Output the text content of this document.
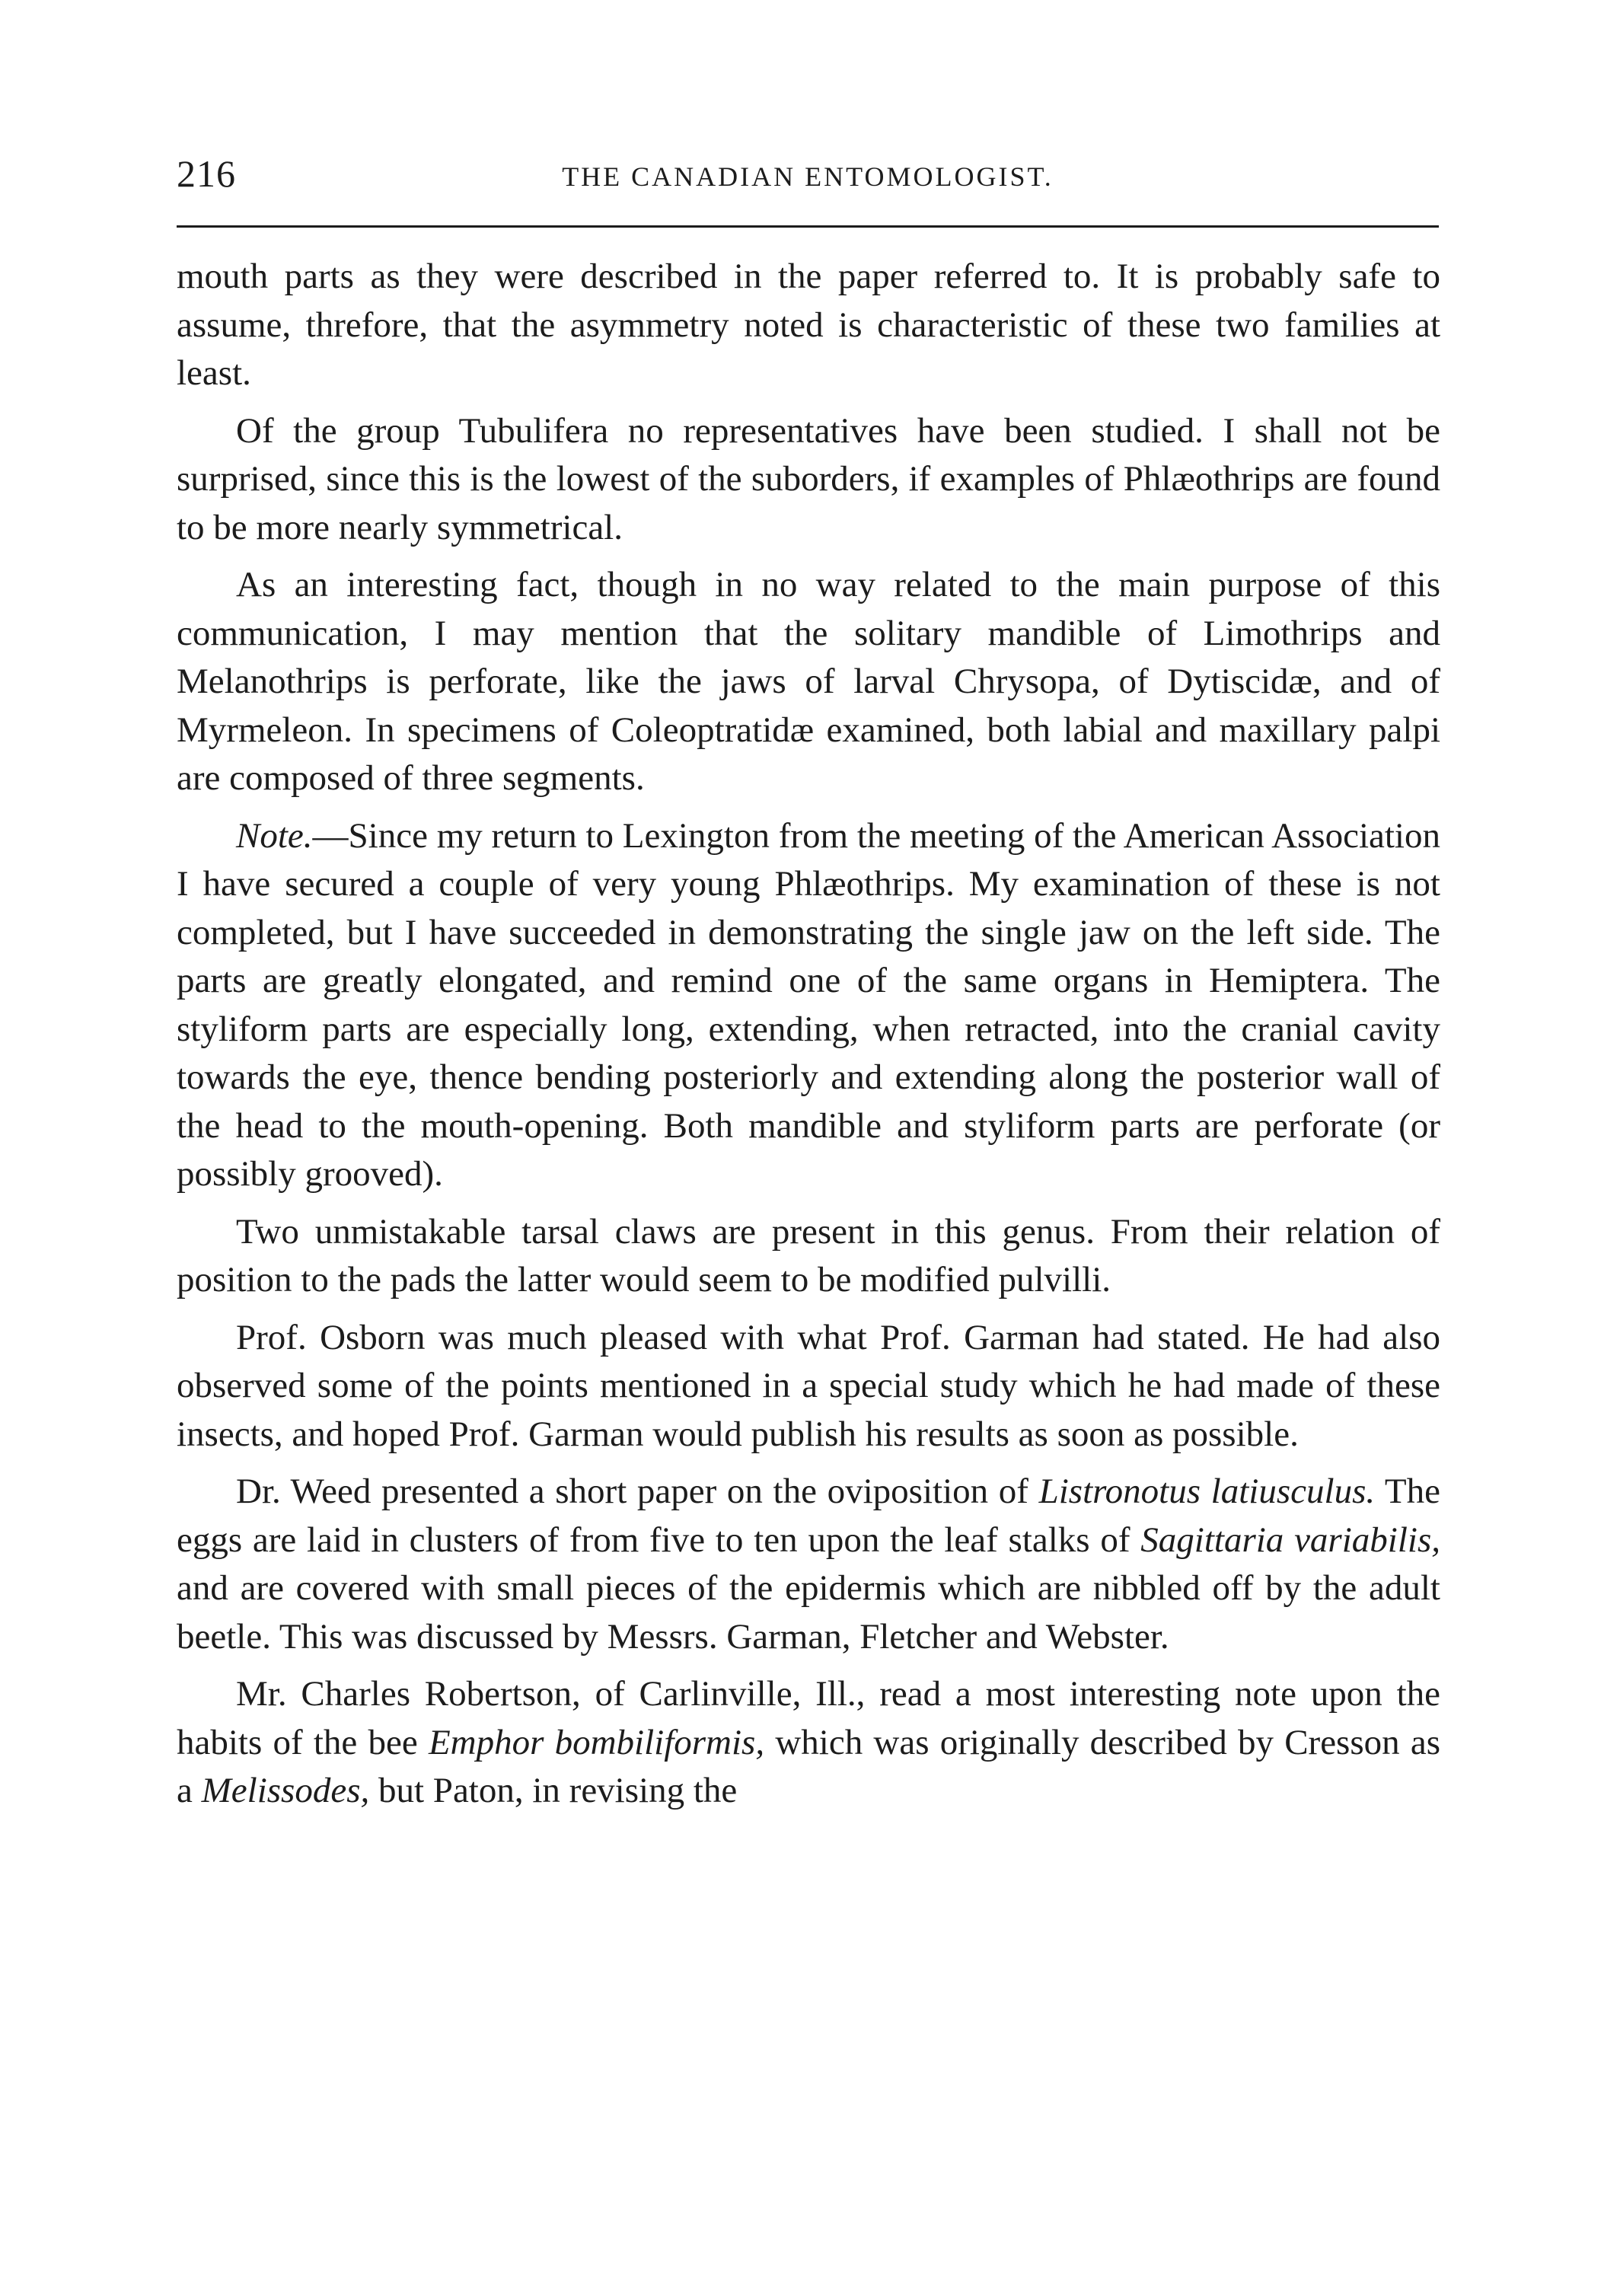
216	THE CANADIAN ENTOMOLOGIST.

mouth parts as they were described in the paper referred to. It is probably safe to assume, threfore, that the asymmetry noted is characteristic of these two families at least.

Of the group Tubulifera no representatives have been studied. I shall not be surprised, since this is the lowest of the suborders, if examples of Phlæothrips are found to be more nearly symmetrical.

As an interesting fact, though in no way related to the main purpose of this communication, I may mention that the solitary mandible of Limothrips and Melanothrips is perforate, like the jaws of larval Chrysopa, of Dytiscidæ, and of Myrmeleon. In specimens of Coleoptratidæ examined, both labial and maxillary palpi are composed of three segments.

Note.—Since my return to Lexington from the meeting of the American Association I have secured a couple of very young Phlæothrips. My examination of these is not completed, but I have succeeded in demonstrating the single jaw on the left side. The parts are greatly elongated, and remind one of the same organs in Hemiptera. The styliform parts are especially long, extending, when retracted, into the cranial cavity towards the eye, thence bending posteriorly and extending along the posterior wall of the head to the mouth-opening. Both mandible and styliform parts are perforate (or possibly grooved).

Two unmistakable tarsal claws are present in this genus. From their relation of position to the pads the latter would seem to be modified pulvilli.

Prof. Osborn was much pleased with what Prof. Garman had stated. He had also observed some of the points mentioned in a special study which he had made of these insects, and hoped Prof. Garman would publish his results as soon as possible.

Dr. Weed presented a short paper on the oviposition of Listronotus latiusculus. The eggs are laid in clusters of from five to ten upon the leaf stalks of Sagittaria variabilis, and are covered with small pieces of the epidermis which are nibbled off by the adult beetle. This was discussed by Messrs. Garman, Fletcher and Webster.

Mr. Charles Robertson, of Carlinville, Ill., read a most interesting note upon the habits of the bee Emphor bombiliformis, which was originally described by Cresson as a Melissodes, but Paton, in revising the
